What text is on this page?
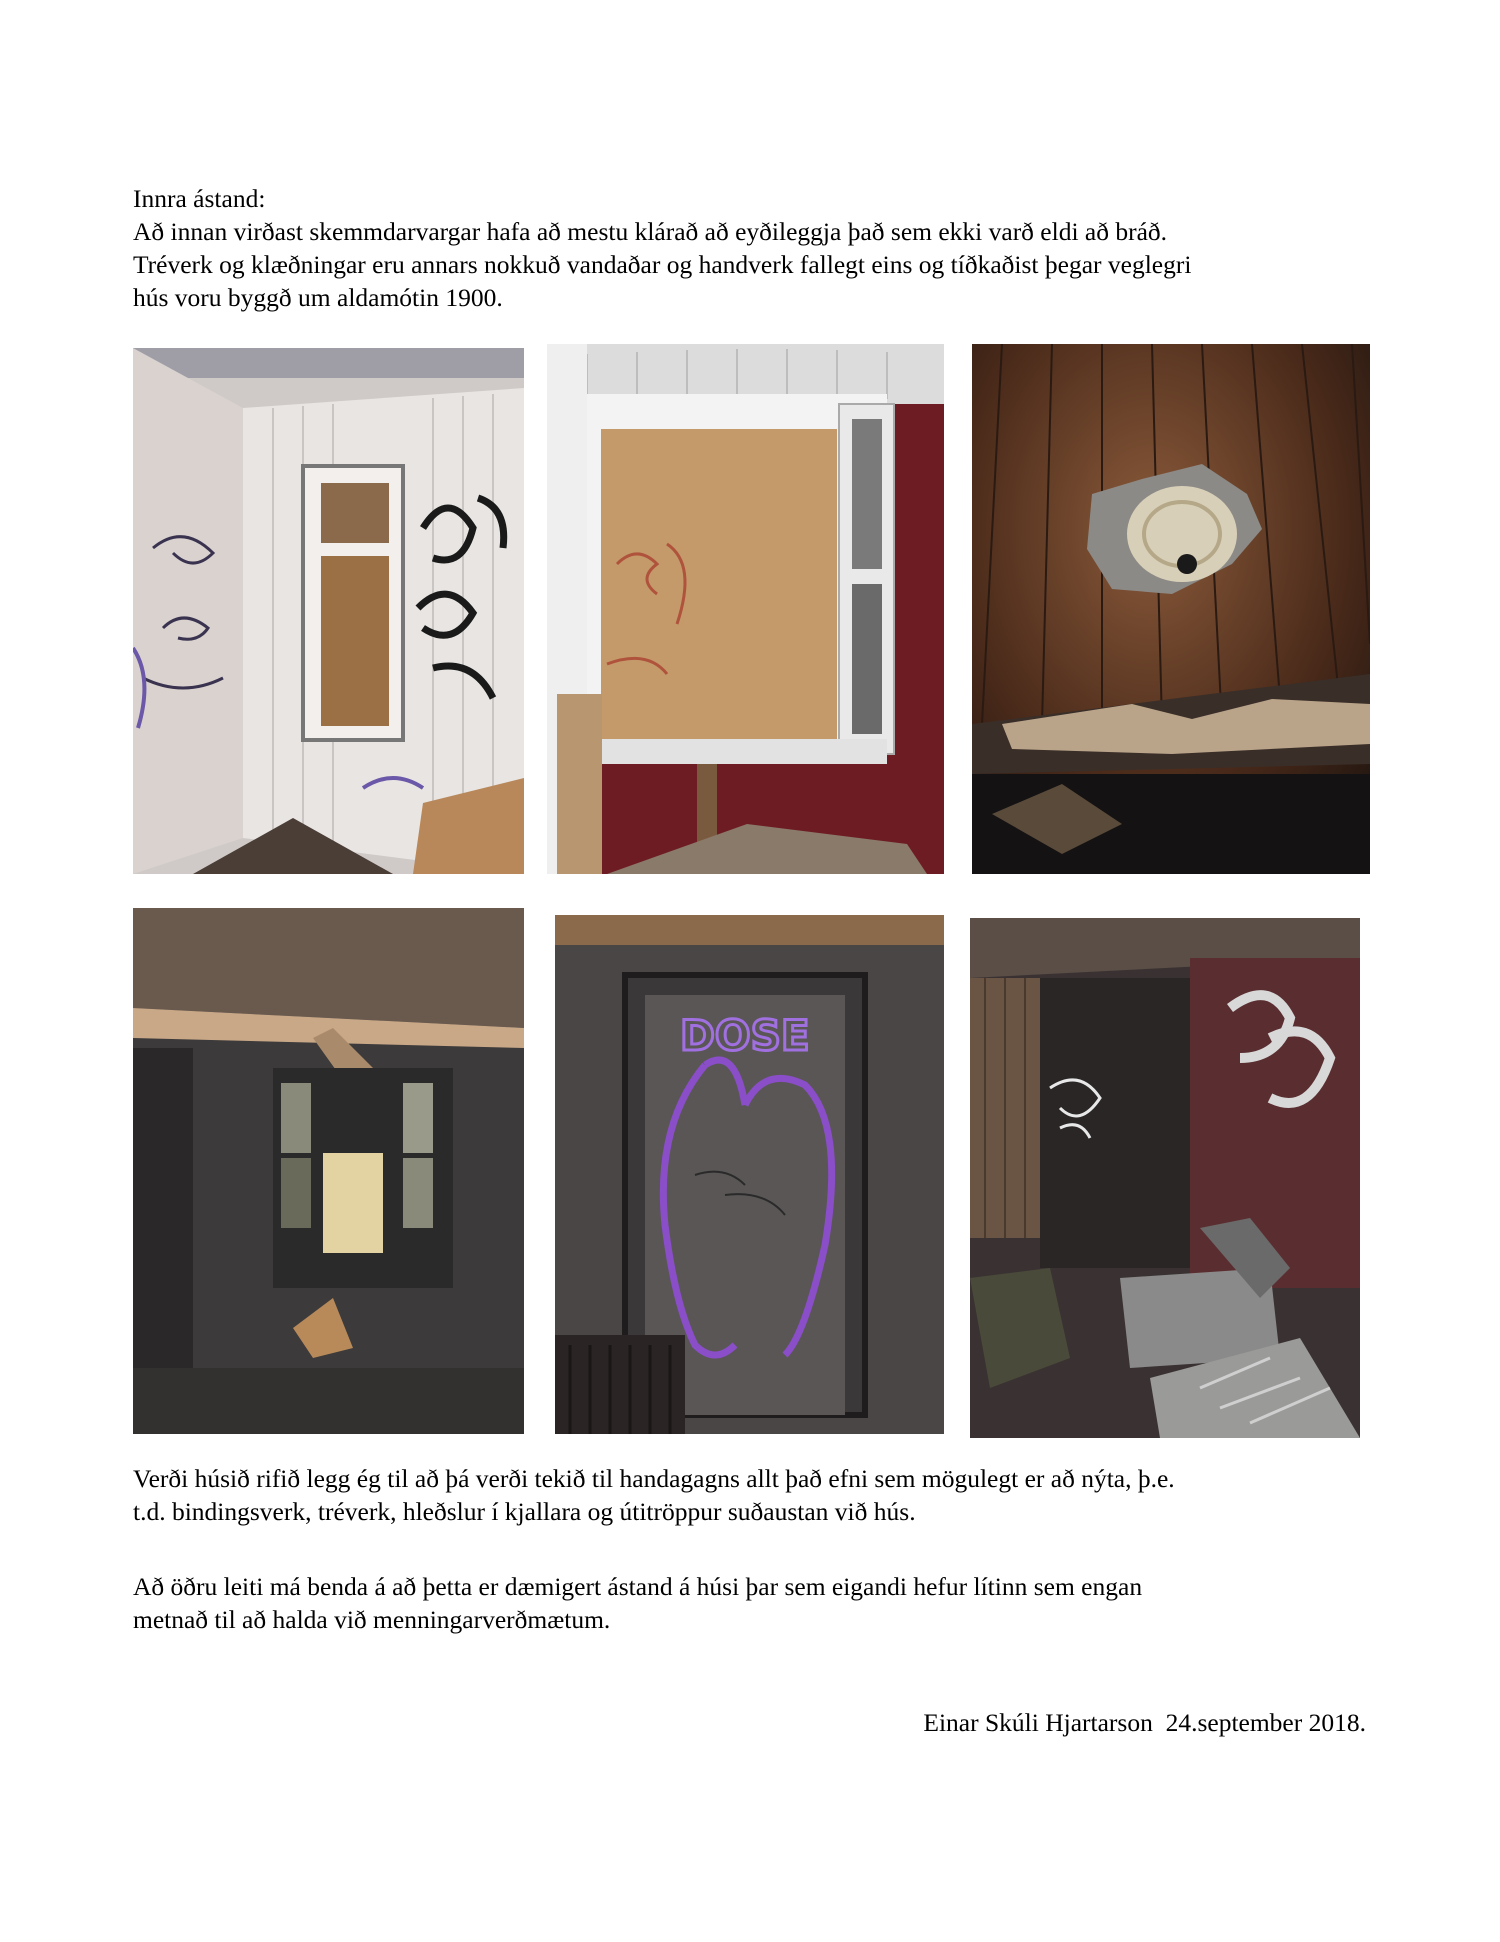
Innra ástand:

Að innan virðast skemmdarvargar hafa að mestu klárað að eyðileggja það sem ekki varð eldi að bráð.

Tréverk og klæðningar eru annars nokkuð vandaðar og handverk fallegt eins og tíðkaðist þegar veglegri

hús voru byggð um aldamótin 1900.

DOSE

Verði húsið rifið legg ég til að þá verði tekið til handagagns allt það efni sem mögulegt er að nýta, þ.e.

t.d. bindingsverk, tréverk, hleðslur í kjallara og útitröppur suðaustan við hús.

Að öðru leiti má benda á að þetta er dæmigert ástand á húsi þar sem eigandi hefur lítinn sem engan

metnað til að halda við menningarverðmætum.

Einar Skúli Hjartarson  24.september 2018.
